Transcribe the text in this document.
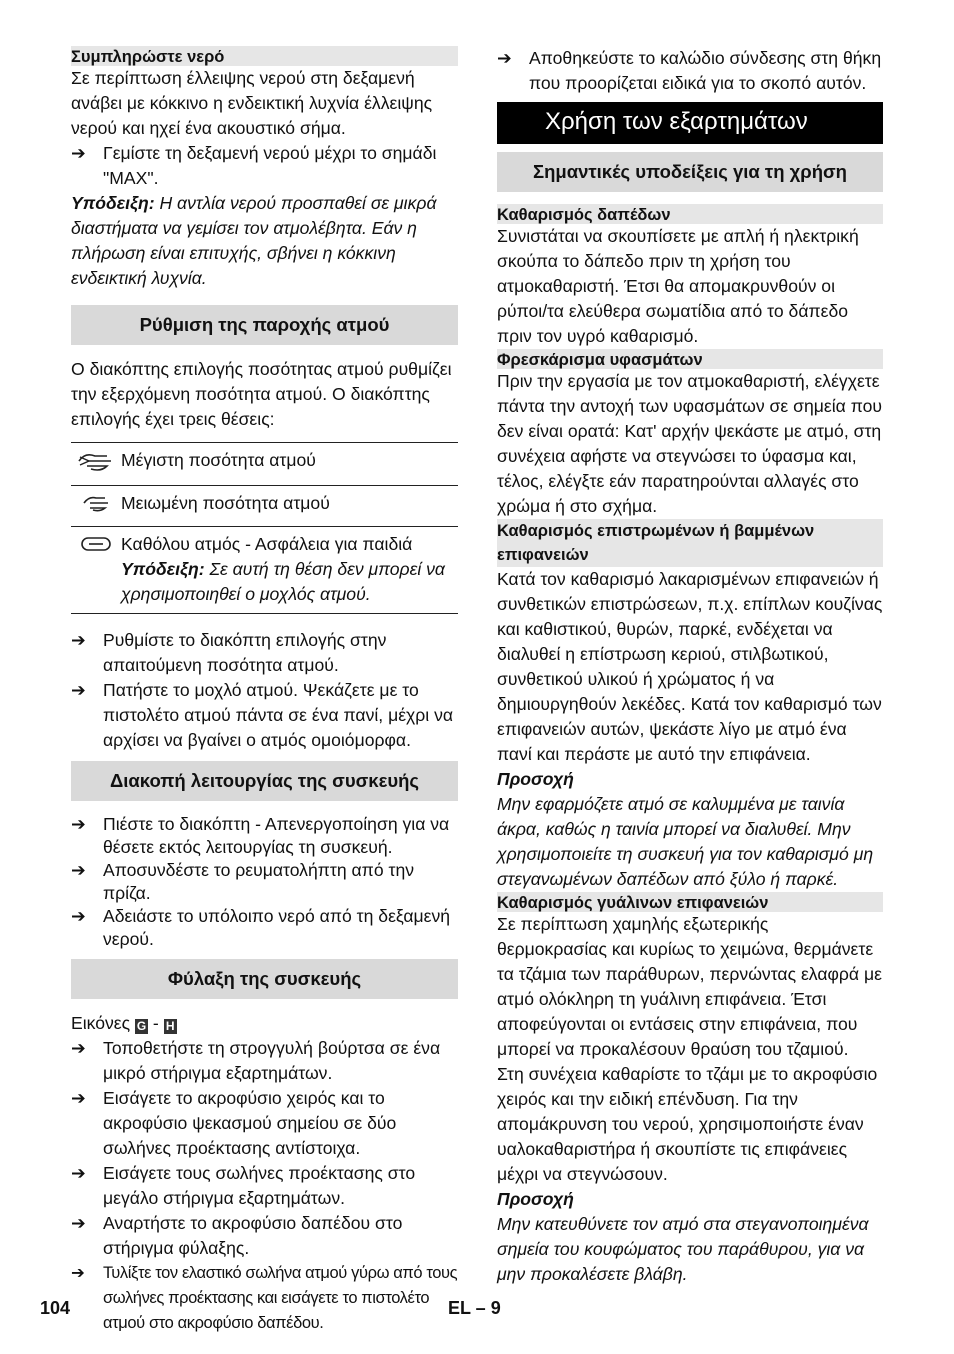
Συμπληρώστε νερό

Σε περίπτωση έλλειψης νερού στη δεξαμενή ανάβει με κόκκινο η ενδεικτική λυχνία έλλειψης νερού και ηχεί ένα ακουστικό σήμα.

➔ Γεμίστε τη δεξαμενή νερού μέχρι το σημάδι "MAX".

Υπόδειξη: Η αντλία νερού προσπαθεί σε μικρά διαστήματα να γεμίσει τον ατμολέβητα. Εάν η πλήρωση είναι επιτυχής, σβήνει η κόκκινη ενδεικτική λυχνία.

Ρύθμιση της παροχής ατμού

Ο διακόπτης επιλογής ποσότητας ατμού ρυθμίζει την εξερχόμενη ποσότητα ατμού. Ο διακόπτης επιλογής έχει τρεις θέσεις:

	Μέγιστη ποσότητα ατμού
	Μειωμένη ποσότητα ατμού

Καθόλου ατμός - Ασφάλεια για παιδιά
Υπόδειξη: Σε αυτή τη θέση δεν μπορεί να χρησιμοποιηθεί ο μοχλός ατμού.
➔ Ρυθμίστε το διακόπτη επιλογής στην απαιτούμενη ποσότητα ατμού.
➔ Πατήστε το μοχλό ατμού. Ψεκάζετε με το πιστολέτο ατμού πάντα σε ένα πανί, μέχρι να αρχίσει να βγαίνει ο ατμός ομοιόμορφα.
Διακοπή λειτουργίας της συσκευής
➔ Πιέστε το διακόπτη - Απενεργοποίηση για να θέσετε εκτός λειτουργίας τη συσκευή.
➔ Αποσυνδέστε το ρευματολήπτη από την πρίζα.
➔ Αδειάστε το υπόλοιπο νερό από τη δεξαμενή νερού.
Φύλαξη της συσκευής

Εικόνες G - H

➔ Τοποθετήστε τη στρογγυλή βούρτσα σε ένα μικρό στήριγμα εξαρτημάτων.
➔ Εισάγετε το ακροφύσιο χειρός και το ακροφύσιο ψεκασμού σημείου σε δύο σωλήνες προέκτασης αντίστοιχα.
➔ Εισάγετε τους σωλήνες προέκτασης στο μεγάλο στήριγμα εξαρτημάτων.
➔ Αναρτήστε το ακροφύσιο δαπέδου στο στήριγμα φύλαξης.
➔ Τυλίξτε τον ελαστικό σωλήνα ατμού γύρω από τους σωλήνες προέκτασης και εισάγετε το πιστολέτο ατμού στο ακροφύσιο δαπέδου.
➔ Αποθηκεύστε το καλώδιο σύνδεσης στη θήκη που προορίζεται ειδικά για το σκοπό αυτόν.
Χρήση των εξαρτημάτων
Σημαντικές υποδείξεις για τη χρήση

Καθαρισμός δαπέδων

Συνιστάται να σκουπίσετε με απλή ή ηλεκτρική σκούπα το δάπεδο πριν τη χρήση του ατμοκαθαριστή. Έτσι θα απομακρυνθούν οι ρύποι/τα ελεύθερα σωματίδια από το δάπεδο πριν τον υγρό καθαρισμό.

Φρεσκάρισμα υφασμάτων

Πριν την εργασία με τον ατμοκαθαριστή, ελέγχετε πάντα την αντοχή των υφασμάτων σε σημεία που δεν είναι ορατά: Κατ' αρχήν ψεκάστε με ατμό, στη συνέχεια αφήστε να στεγνώσει το ύφασμα και, τέλος, ελέγξτε εάν παρατηρούνται αλλαγές στο χρώμα ή στο σχήμα.

Καθαρισμός επιστρωμένων ή βαμμένων επιφανειών

Κατά τον καθαρισμό λακαρισμένων επιφανειών ή συνθετικών επιστρώσεων, π.χ. επίπλων κουζίνας και καθιστικού, θυρών, παρκέ, ενδέχεται να διαλυθεί η επίστρωση κεριού, στιλβωτικού, συνθετικού υλικού ή χρώματος ή να δημιουργηθούν λεκέδες. Κατά τον καθαρισμό των επιφανειών αυτών, ψεκάστε λίγο με ατμό ένα πανί και περάστε με αυτό την επιφάνεια.

Προσοχή

Μην εφαρμόζετε ατμό σε καλυμμένα με ταινία άκρα, καθώς η ταινία μπορεί να διαλυθεί. Μην χρησιμοποιείτε τη συσκευή για τον καθαρισμό μη στεγανωμένων δαπέδων από ξύλο ή παρκέ.

Καθαρισμός γυάλινων επιφανειών

Σε περίπτωση χαμηλής εξωτερικής θερμοκρασίας και κυρίως το χειμώνα, θερμάνετε τα τζάμια των παράθυρων, περνώντας ελαφρά με ατμό ολόκληρη τη γυάλινη επιφάνεια. Έτσι αποφεύγονται οι εντάσεις στην επιφάνεια, που μπορεί να προκαλέσουν θραύση του τζαμιού.

Στη συνέχεια καθαρίστε το τζάμι με το ακροφύσιο χειρός και την ειδική επένδυση. Για την απομάκρυνση του νερού, χρησιμοποιήστε έναν υαλοκαθαριστήρα ή σκουπίστε τις επιφάνειες μέχρι να στεγνώσουν.

Προσοχή

Μην κατευθύνετε τον ατμό στα στεγανοποιημένα σημεία του κουφώματος του παράθυρου, για να μην προκαλέσετε βλάβη.

104	EL – 9
